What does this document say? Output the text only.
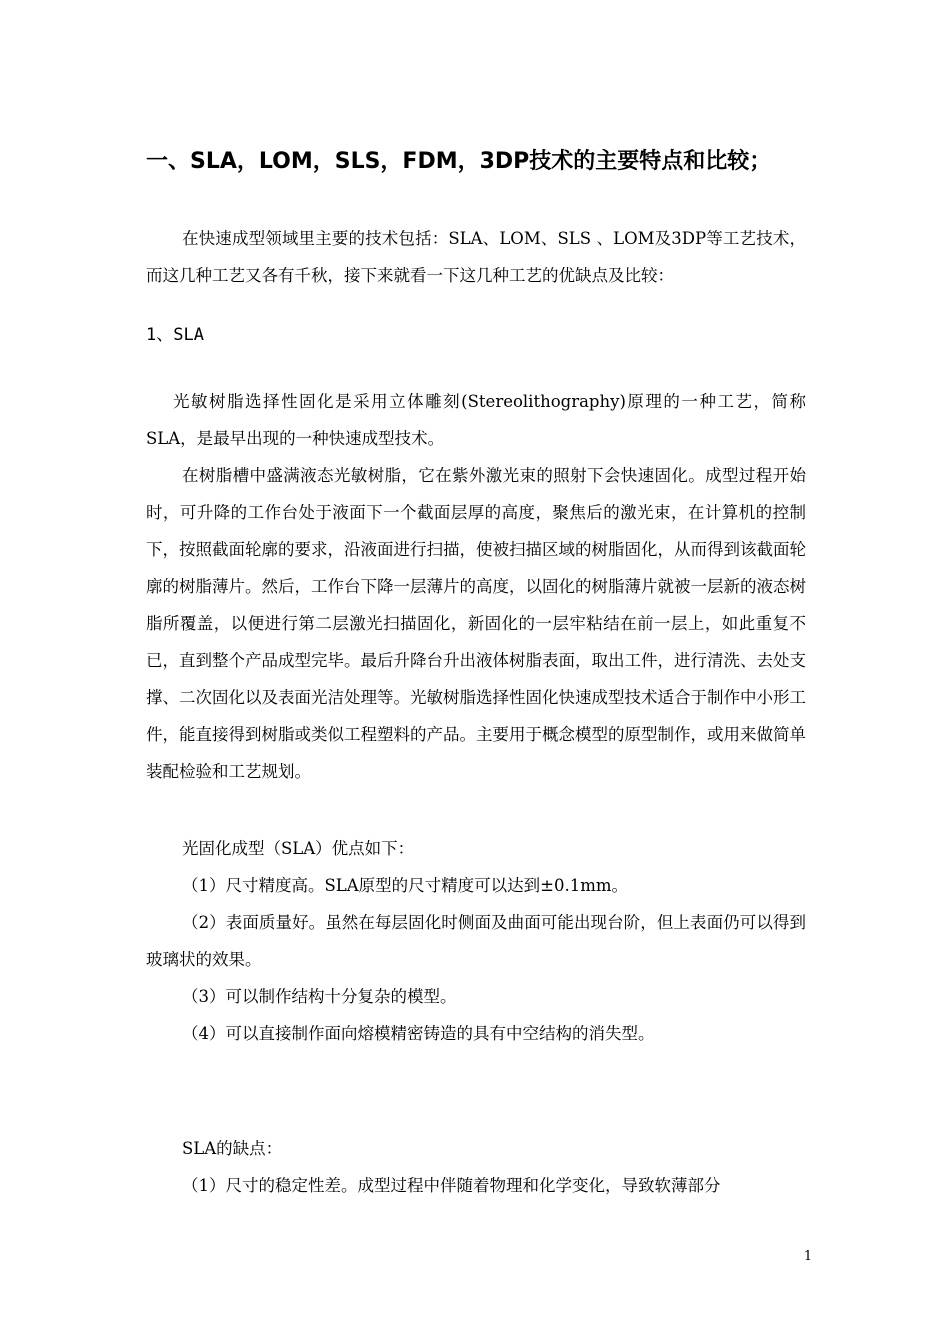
一、SLA，LOM，SLS，FDM，3DP技术的主要特点和比较；

在快速成型领域里主要的技术包括：SLA、LOM、SLS 、LOM及3DP等工艺技术，而这几种工艺又各有千秋，接下来就看一下这几种工艺的优缺点及比较：

1、SLA

光敏树脂选择性固化是采用立体雕刻(Stereolithography)原理的一种工艺，简称SLA，是最早出现的一种快速成型技术。

在树脂槽中盛满液态光敏树脂，它在紫外激光束的照射下会快速固化。成型过程开始时，可升降的工作台处于液面下一个截面层厚的高度，聚焦后的激光束，在计算机的控制下，按照截面轮廓的要求，沿液面进行扫描，使被扫描区域的树脂固化，从而得到该截面轮廓的树脂薄片。然后，工作台下降一层薄片的高度，以固化的树脂薄片就被一层新的液态树脂所覆盖，以便进行第二层激光扫描固化，新固化的一层牢粘结在前一层上，如此重复不已，直到整个产品成型完毕。最后升降台升出液体树脂表面，取出工件，进行清洗、去处支撑、二次固化以及表面光洁处理等。光敏树脂选择性固化快速成型技术适合于制作中小形工件，能直接得到树脂或类似工程塑料的产品。主要用于概念模型的原型制作，或用来做简单装配检验和工艺规划。

光固化成型（SLA）优点如下：

（1）尺寸精度高。SLA原型的尺寸精度可以达到±0.1mm。

（2）表面质量好。虽然在每层固化时侧面及曲面可能出现台阶，但上表面仍可以得到玻璃状的效果。

（3）可以制作结构十分复杂的模型。

（4）可以直接制作面向熔模精密铸造的具有中空结构的消失型。

SLA的缺点：

（1）尺寸的稳定性差。成型过程中伴随着物理和化学变化，导致软薄部分

1
